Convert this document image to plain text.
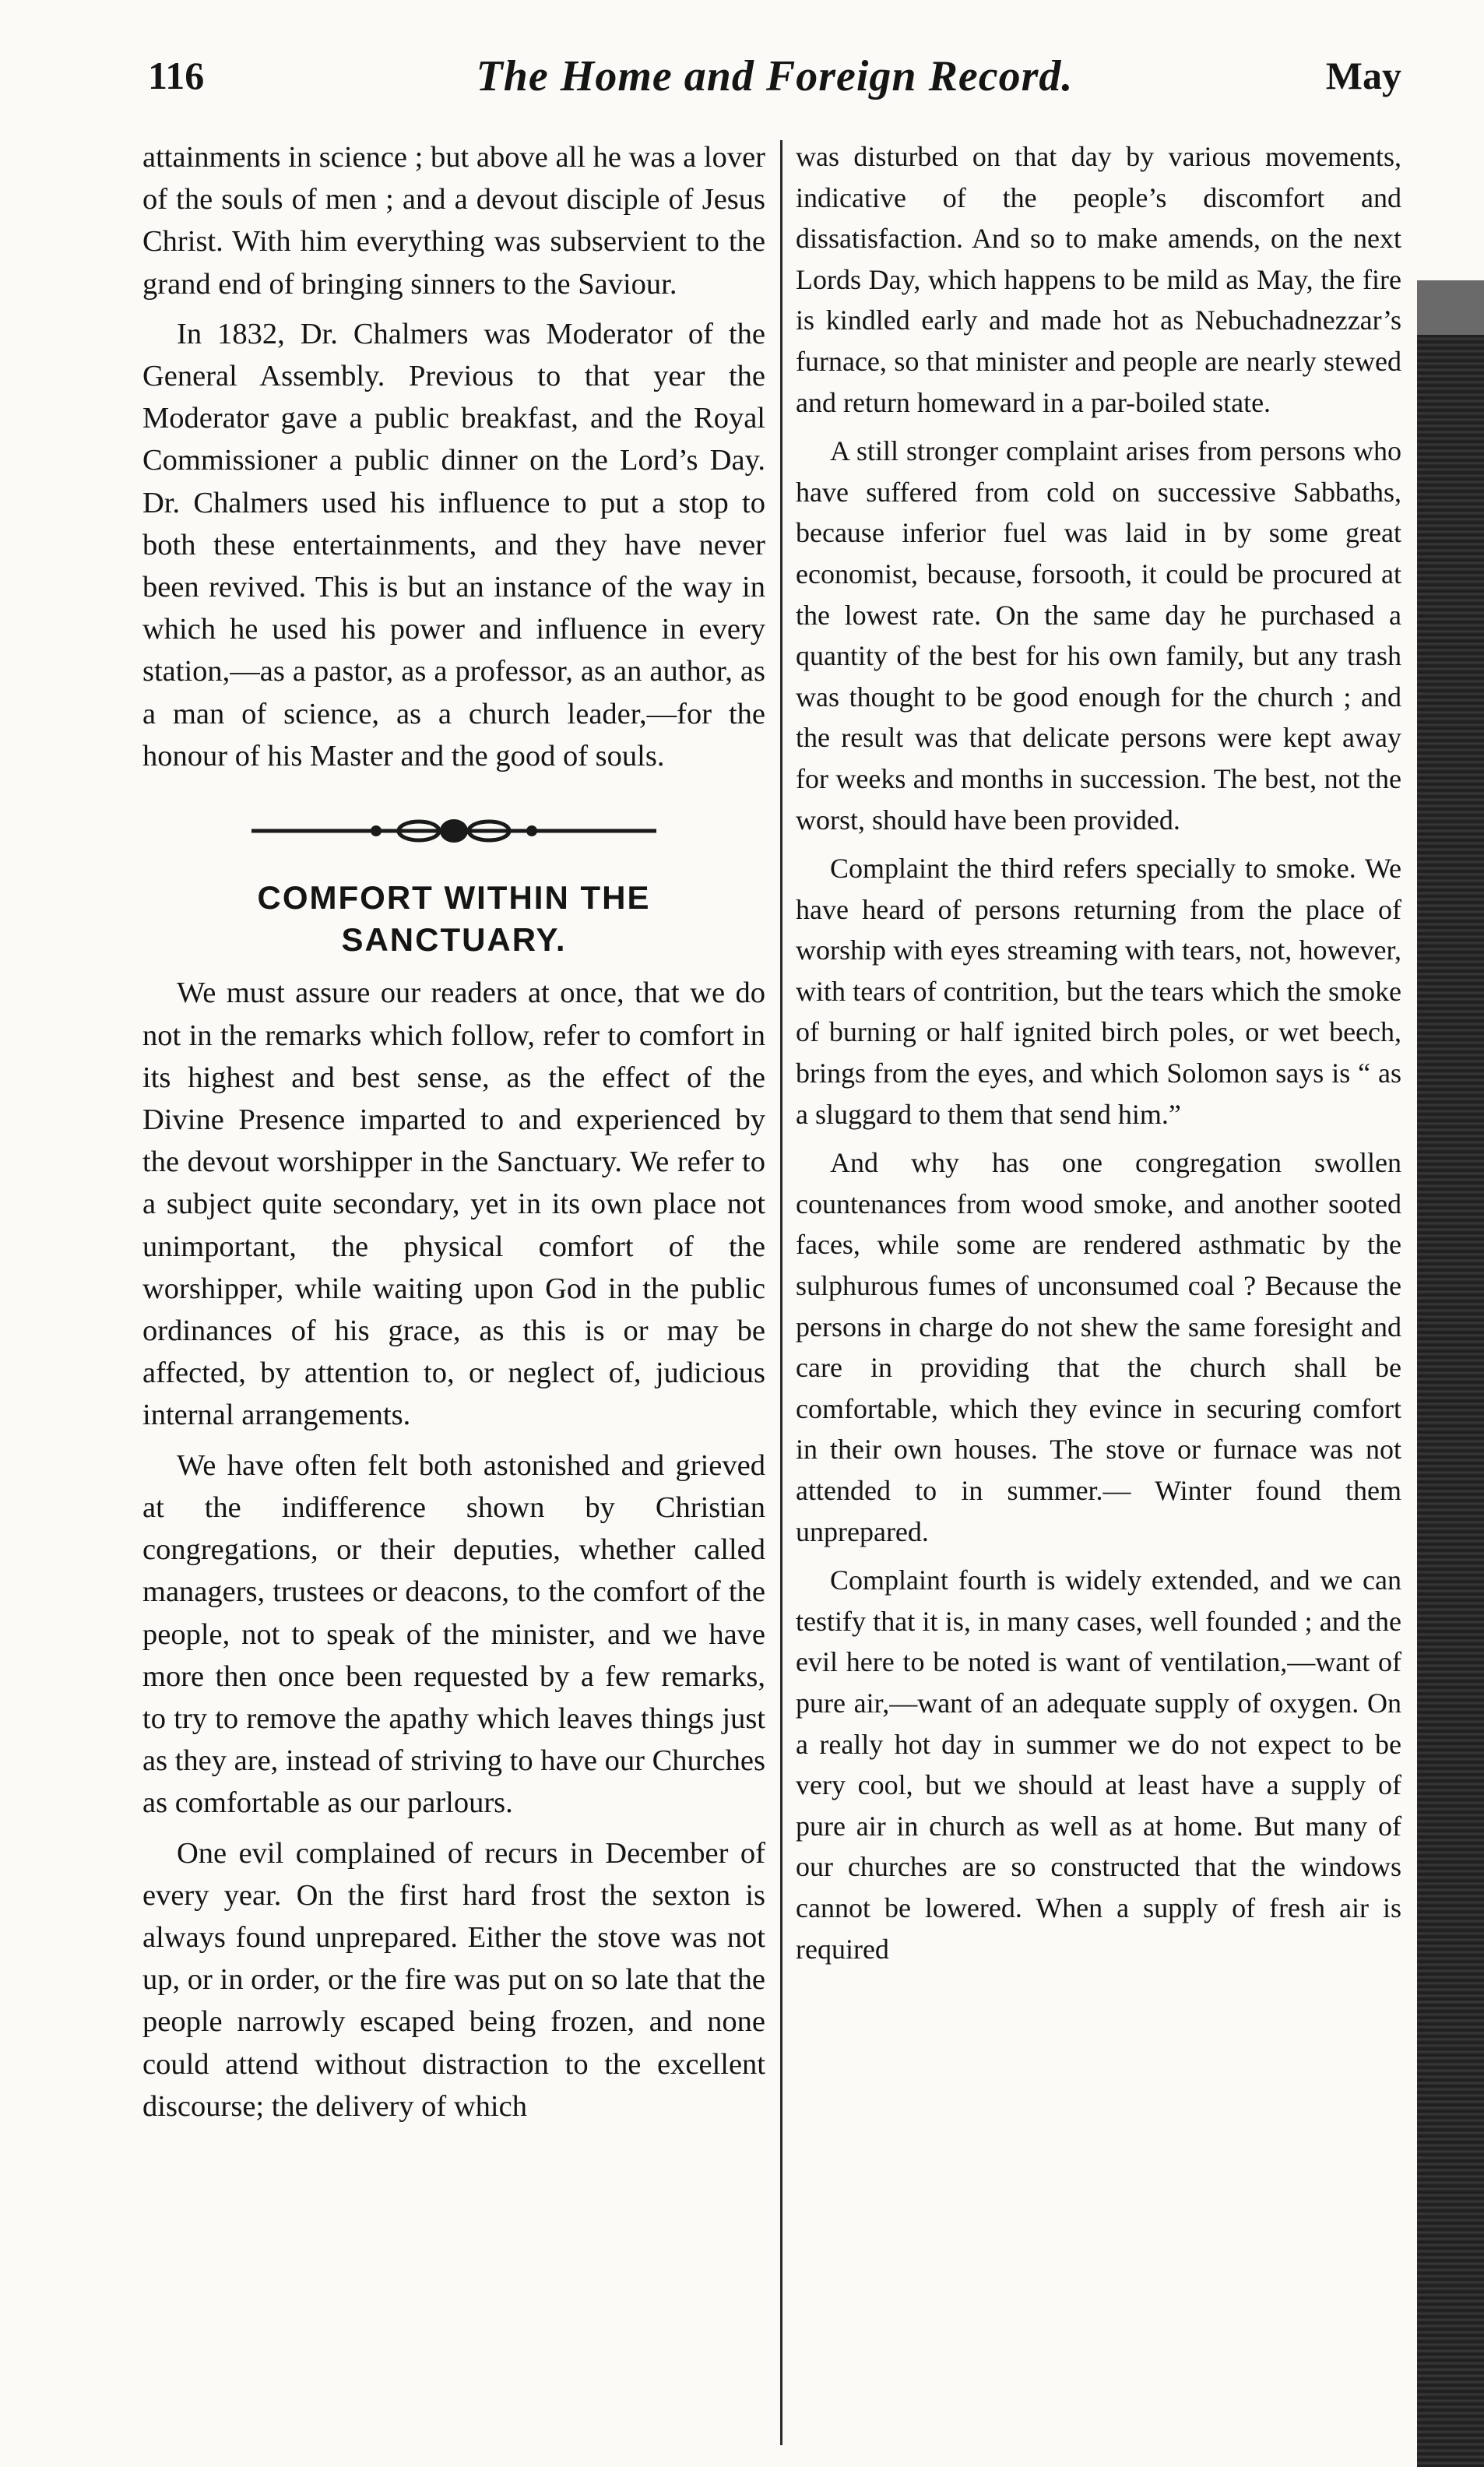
116	The Home and Foreign Record.	May

attainments in science ; but above all he was a lover of the souls of men ; and a devout disciple of Jesus Christ. With him everything was subservient to the grand end of bringing sinners to the Saviour.

In 1832, Dr. Chalmers was Moderator of the General Assembly. Previous to that year the Moderator gave a public breakfast, and the Royal Commissioner a public dinner on the Lord’s Day. Dr. Chalmers used his influence to put a stop to both these entertainments, and they have never been revived. This is but an instance of the way in which he used his power and influence in every station,—as a pastor, as a professor, as an author, as a man of science, as a church leader,—for the honour of his Master and the good of souls.

COMFORT WITHIN THE SANCTUARY.

We must assure our readers at once, that we do not in the remarks which follow, refer to comfort in its highest and best sense, as the effect of the Divine Presence imparted to and experienced by the devout worshipper in the Sanctuary. We refer to a subject quite secondary, yet in its own place not unimportant, the physical comfort of the worshipper, while waiting upon God in the public ordinances of his grace, as this is or may be affected, by attention to, or neglect of, judicious internal arrangements.

We have often felt both astonished and grieved at the indifference shown by Christian congregations, or their deputies, whether called managers, trustees or deacons, to the comfort of the people, not to speak of the minister, and we have more then once been requested by a few remarks, to try to remove the apathy which leaves things just as they are, instead of striving to have our Churches as comfortable as our parlours.

One evil complained of recurs in December of every year. On the first hard frost the sexton is always found unprepared. Either the stove was not up, or in order, or the fire was put on so late that the people narrowly escaped being frozen, and none could attend without distraction to the excellent discourse; the delivery of which

was disturbed on that day by various movements, indicative of the people’s discomfort and dissatisfaction. And so to make amends, on the next Lords Day, which happens to be mild as May, the fire is kindled early and made hot as Nebuchadnezzar’s furnace, so that minister and people are nearly stewed and return homeward in a par-boiled state.

A still stronger complaint arises from persons who have suffered from cold on successive Sabbaths, because inferior fuel was laid in by some great economist, because, forsooth, it could be procured at the lowest rate. On the same day he purchased a quantity of the best for his own family, but any trash was thought to be good enough for the church ; and the result was that delicate persons were kept away for weeks and months in succession. The best, not the worst, should have been provided.

Complaint the third refers specially to smoke. We have heard of persons returning from the place of worship with eyes streaming with tears, not, however, with tears of contrition, but the tears which the smoke of burning or half ignited birch poles, or wet beech, brings from the eyes, and which Solomon says is “ as a sluggard to them that send him.”

And why has one congregation swollen countenances from wood smoke, and another sooted faces, while some are rendered asthmatic by the sulphurous fumes of unconsumed coal ? Because the persons in charge do not shew the same foresight and care in providing that the church shall be comfortable, which they evince in securing comfort in their own houses. The stove or furnace was not attended to in summer.— Winter found them unprepared.

Complaint fourth is widely extended, and we can testify that it is, in many cases, well founded ; and the evil here to be noted is want of ventilation,—want of pure air,—want of an adequate supply of oxygen. On a really hot day in summer we do not expect to be very cool, but we should at least have a supply of pure air in church as well as at home. But many of our churches are so constructed that the windows cannot be lowered. When a supply of fresh air is required
